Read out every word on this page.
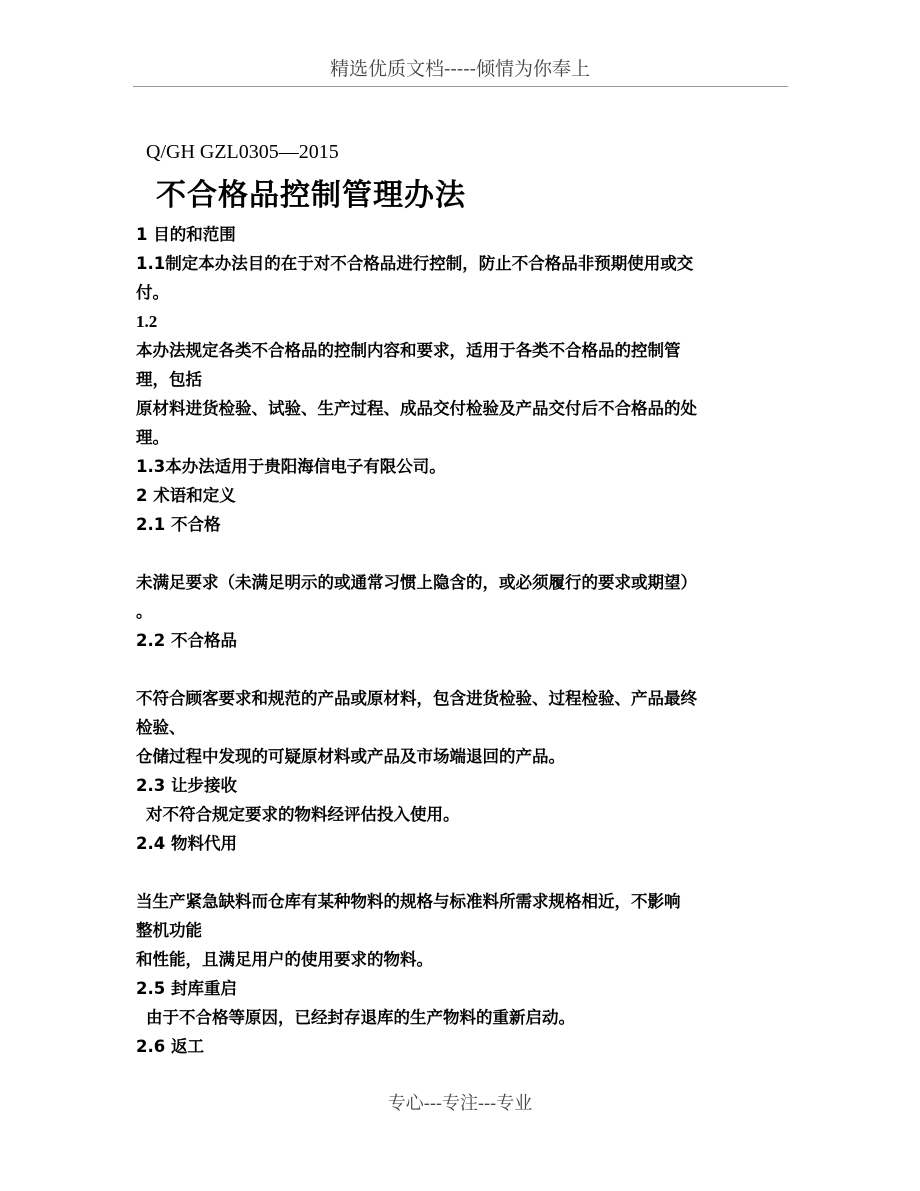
精选优质文档-----倾情为你奉上
Q/GH GZL0305—2015
不合格品控制管理办法

1 目的和范围

1.1制定本办法目的在于对不合格品进行控制，防止不合格品非预期使用或交

付。

1.2

本办法规定各类不合格品的控制内容和要求，适用于各类不合格品的控制管

理，包括

原材料进货检验、试验、生产过程、成品交付检验及产品交付后不合格品的处

理。

1.3本办法适用于贵阳海信电子有限公司。

2 术语和定义

2.1 不合格

未满足要求（未满足明示的或通常习惯上隐含的，或必须履行的要求或期望）

。

2.2 不合格品

不符合顾客要求和规范的产品或原材料，包含进货检验、过程检验、产品最终

检验、

仓储过程中发现的可疑原材料或产品及市场端退回的产品。

2.3 让步接收

对不符合规定要求的物料经评估投入使用。

2.4 物料代用

当生产紧急缺料而仓库有某种物料的规格与标准料所需求规格相近，不影响

整机功能

和性能，且满足用户的使用要求的物料。

2.5 封库重启

由于不合格等原因，已经封存退库的生产物料的重新启动。

2.6 返工

专心---专注---专业
